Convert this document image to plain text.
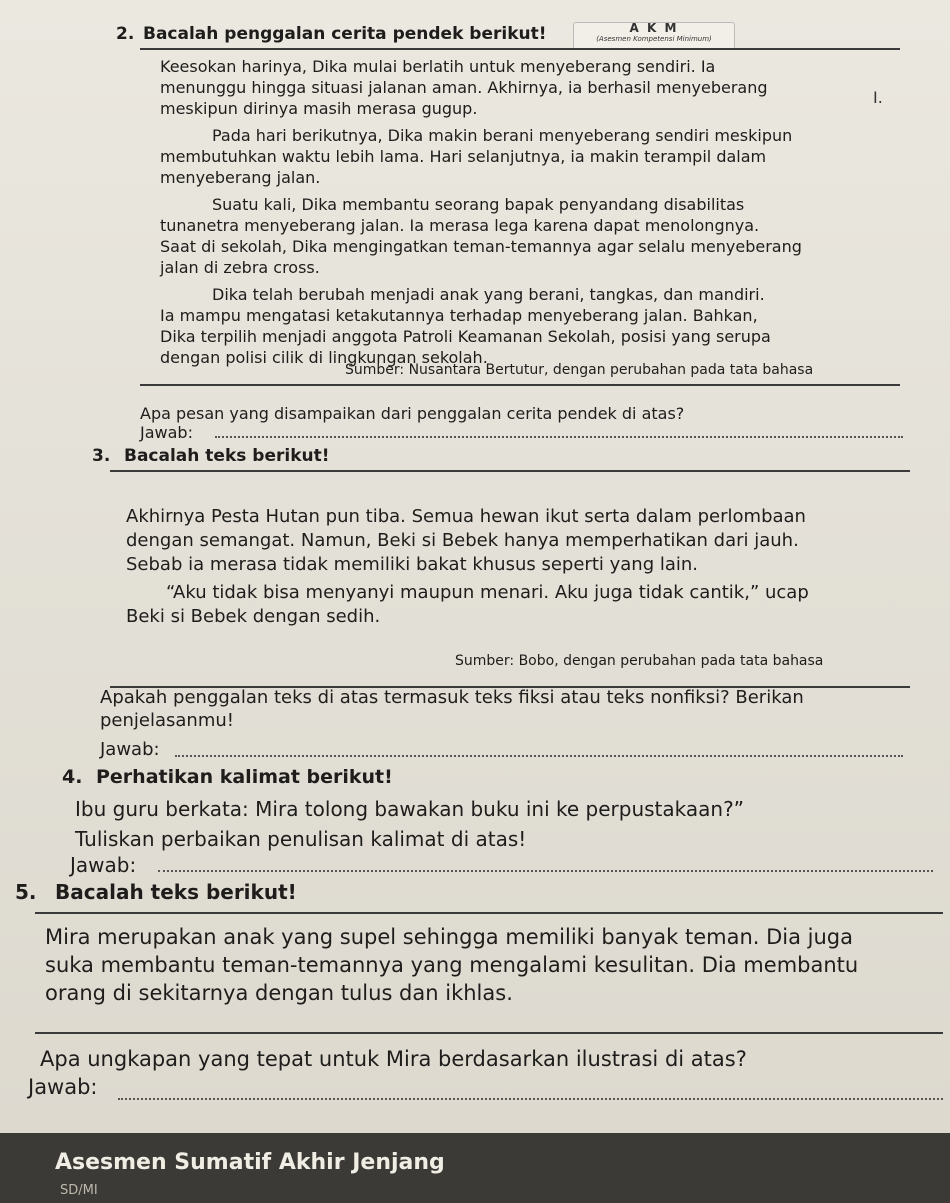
A K M
(Asesmen Kompetensi Minimum)
I.
2. Bacalah penggalan cerita pendek berikut!
Keesokan harinya, Dika mulai berlatih untuk menyeberang sendiri. Ia
menunggu hingga situasi jalanan aman. Akhirnya, ia berhasil menyeberang
meskipun dirinya masih merasa gugup.
Pada hari berikutnya, Dika makin berani menyeberang sendiri meskipun
membutuhkan waktu lebih lama. Hari selanjutnya, ia makin terampil dalam
menyeberang jalan.
Suatu kali, Dika membantu seorang bapak penyandang disabilitas
tunanetra menyeberang jalan. Ia merasa lega karena dapat menolongnya.
Saat di sekolah, Dika mengingatkan teman-temannya agar selalu menyeberang
jalan di zebra cross.
Dika telah berubah menjadi anak yang berani, tangkas, dan mandiri.
Ia mampu mengatasi ketakutannya terhadap menyeberang jalan. Bahkan,
Dika terpilih menjadi anggota Patroli Keamanan Sekolah, posisi yang serupa
dengan polisi cilik di lingkungan sekolah.
Sumber: Nusantara Bertutur, dengan perubahan pada tata bahasa
Apa pesan yang disampaikan dari penggalan cerita pendek di atas?
Jawab:
3. Bacalah teks berikut!
Akhirnya Pesta Hutan pun tiba. Semua hewan ikut serta dalam perlombaan
dengan semangat. Namun, Beki si Bebek hanya memperhatikan dari jauh.
Sebab ia merasa tidak memiliki bakat khusus seperti yang lain.
“Aku tidak bisa menyanyi maupun menari. Aku juga tidak cantik,” ucap
Beki si Bebek dengan sedih.
Sumber: Bobo, dengan perubahan pada tata bahasa
Apakah penggalan teks di atas termasuk teks fiksi atau teks nonfiksi? Berikan
penjelasanmu!
Jawab:
4. Perhatikan kalimat berikut!
Ibu guru berkata: Mira tolong bawakan buku ini ke perpustakaan?”
Tuliskan perbaikan penulisan kalimat di atas!
Jawab:
5. Bacalah teks berikut!
Mira merupakan anak yang supel sehingga memiliki banyak teman. Dia juga
suka membantu teman-temannya yang mengalami kesulitan. Dia membantu
orang di sekitarnya dengan tulus dan ikhlas.
Apa ungkapan yang tepat untuk Mira berdasarkan ilustrasi di atas?
Jawab:
Asesmen Sumatif Akhir Jenjang
SD/MI
